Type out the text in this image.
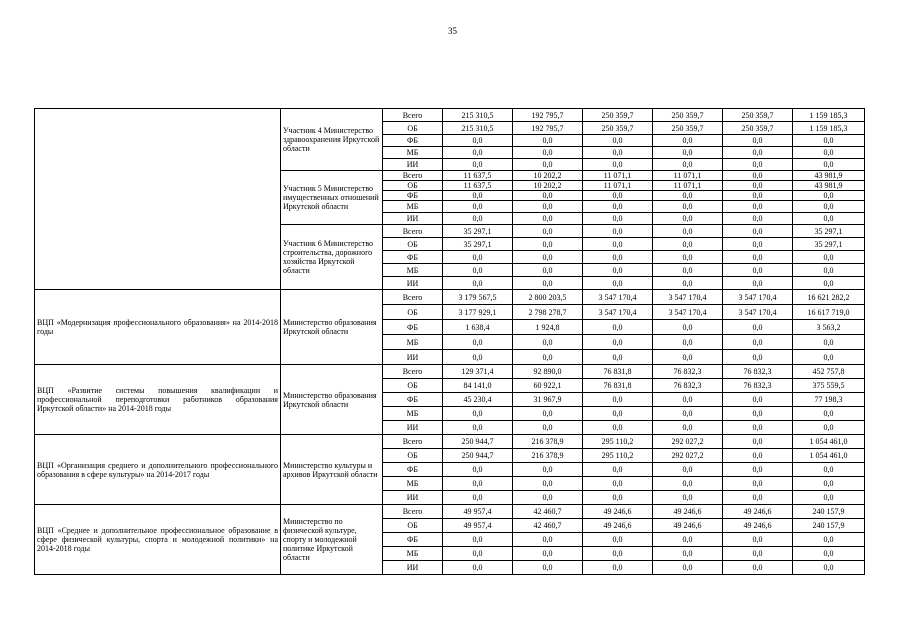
35
	Участник 4 Министерство здравоохранения Иркутской области	Всего	215 310,5	192 795,7	250 359,7	250 359,7	250 359,7	1 159 185,3
		ОБ	215 310,5	192 795,7	250 359,7	250 359,7	250 359,7	1 159 185,3
		ФБ	0,0	0,0	0,0	0,0	0,0	0,0
		МБ	0,0	0,0	0,0	0,0	0,0	0,0
		ИИ	0,0	0,0	0,0	0,0	0,0	0,0
	Участник 5 Министерство имущественных отношений Иркутской области	Всего	11 637,5	10 202,2	11 071,1	11 071,1	0,0	43 981,9
		ОБ	11 637,5	10 202,2	11 071,1	11 071,1	0,0	43 981,9
		ФБ	0,0	0,0	0,0	0,0	0,0	0,0
		МБ	0,0	0,0	0,0	0,0	0,0	0,0
		ИИ	0,0	0,0	0,0	0,0	0,0	0,0
	Участник 6 Министерство строительства, дорожного хозяйства Иркутской области	Всего	35 297,1	0,0	0,0	0,0	0,0	35 297,1
		ОБ	35 297,1	0,0	0,0	0,0	0,0	35 297,1
		ФБ	0,0	0,0	0,0	0,0	0,0	0,0
		МБ	0,0	0,0	0,0	0,0	0,0	0,0
		ИИ	0,0	0,0	0,0	0,0	0,0	0,0
ВЦП «Модернизация профессионального образования» на 2014-2018 годы	Министерство образования Иркутской области	Всего	3 179 567,5	2 800 203,5	3 547 170,4	3 547 170,4	3 547 170,4	16 621 282,2
		ОБ	3 177 929,1	2 798 278,7	3 547 170,4	3 547 170,4	3 547 170,4	16 617 719,0
		ФБ	1 638,4	1 924,8	0,0	0,0	0,0	3 563,2
		МБ	0,0	0,0	0,0	0,0	0,0	0,0
		ИИ	0,0	0,0	0,0	0,0	0,0	0,0
ВЦП «Развитие системы повышения квалификации и профессиональной переподготовки работников образования Иркутской области» на 2014-2018 годы	Министерство образования Иркутской области	Всего	129 371,4	92 890,0	76 831,8	76 832,3	76 832,3	452 757,8
		ОБ	84 141,0	60 922,1	76 831,8	76 832,3	76 832,3	375 559,5
		ФБ	45 230,4	31 967,9	0,0	0,0	0,0	77 198,3
		МБ	0,0	0,0	0,0	0,0	0,0	0,0
		ИИ	0,0	0,0	0,0	0,0	0,0	0,0
ВЦП «Организация среднего и дополнительного профессионального образования в сфере культуры» на 2014-2017 годы	Министерство культуры и архивов Иркутской области	Всего	250 944,7	216 378,9	295 110,2	292 027,2	0,0	1 054 461,0
		ОБ	250 944,7	216 378,9	295 110,2	292 027,2	0,0	1 054 461,0
		ФБ	0,0	0,0	0,0	0,0	0,0	0,0
		МБ	0,0	0,0	0,0	0,0	0,0	0,0
		ИИ	0,0	0,0	0,0	0,0	0,0	0,0
ВЦП «Среднее и дополнительное профессиональное образование в сфере физической культуры, спорта и молодежной политики» на 2014-2018 годы	Министерство по физической культуре, спорту и молодежной политике Иркутской области	Всего	49 957,4	42 460,7	49 246,6	49 246,6	49 246,6	240 157,9
		ОБ	49 957,4	42 460,7	49 246,6	49 246,6	49 246,6	240 157,9
		ФБ	0,0	0,0	0,0	0,0	0,0	0,0
		МБ	0,0	0,0	0,0	0,0	0,0	0,0
		ИИ	0,0	0,0	0,0	0,0	0,0	0,0
